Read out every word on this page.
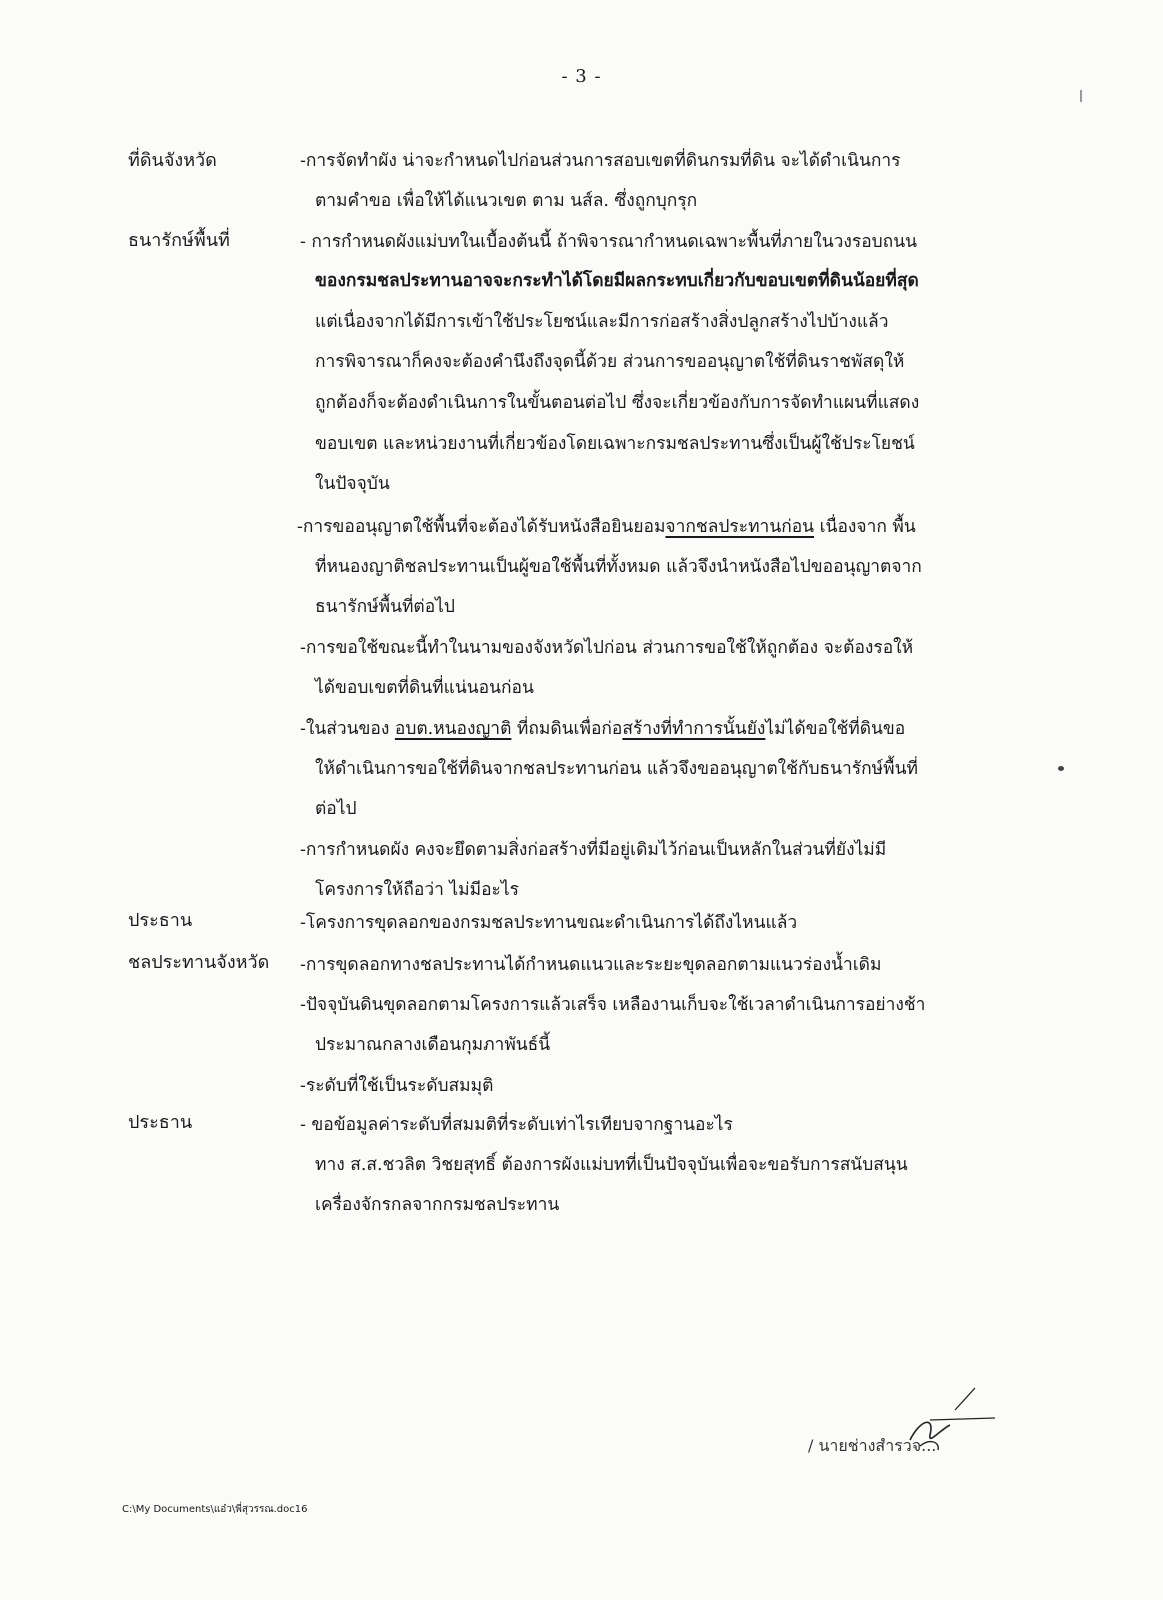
- 3 -
ที่ดินจังหวัด
ธนารักษ์พื้นที่
ประธาน
ชลประทานจังหวัด
ประธาน
-การจัดทำผัง น่าจะกำหนดไปก่อนส่วนการสอบเขตที่ดินกรมที่ดิน จะได้ดำเนินการ
ตามคำขอ เพื่อให้ได้แนวเขต ตาม นส์ล. ซึ่งถูกบุกรุก
- การกำหนดผังแม่บทในเบื้องต้นนี้ ถ้าพิจารณากำหนดเฉพาะพื้นที่ภายในวงรอบถนน
ของกรมชลประทานอาจจะกระทำได้โดยมีผลกระทบเกี่ยวกับขอบเขตที่ดินน้อยที่สุด
แต่เนื่องจากได้มีการเข้าใช้ประโยชน์และมีการก่อสร้างสิ่งปลูกสร้างไปบ้างแล้ว
การพิจารณาก็คงจะต้องคำนึงถึงจุดนี้ด้วย ส่วนการขออนุญาตใช้ที่ดินราชพัสดุให้
ถูกต้องก็จะต้องดำเนินการในขั้นตอนต่อไป ซึ่งจะเกี่ยวข้องกับการจัดทำแผนที่แสดง
ขอบเขต และหน่วยงานที่เกี่ยวข้องโดยเฉพาะกรมชลประทานซึ่งเป็นผู้ใช้ประโยชน์
ในปัจจุบัน
-การขออนุญาตใช้พื้นที่จะต้องได้รับหนังสือยินยอมจากชลประทานก่อน เนื่องจาก พื้น
ที่หนองญาติชลประทานเป็นผู้ขอใช้พื้นที่ทั้งหมด แล้วจึงนำหนังสือไปขออนุญาตจาก
ธนารักษ์พื้นที่ต่อไป
-การขอใช้ขณะนี้ทำในนามของจังหวัดไปก่อน ส่วนการขอใช้ให้ถูกต้อง จะต้องรอให้
ได้ขอบเขตที่ดินที่แน่นอนก่อน
-ในส่วนของ อบต.หนองญาติ ที่ถมดินเพื่อก่อสร้างที่ทำการนั้นยังไม่ได้ขอใช้ที่ดินขอ
ให้ดำเนินการขอใช้ที่ดินจากชลประทานก่อน แล้วจึงขออนุญาตใช้กับธนารักษ์พื้นที่
ต่อไป
-การกำหนดผัง คงจะยึดตามสิ่งก่อสร้างที่มีอยู่เดิมไว้ก่อนเป็นหลักในส่วนที่ยังไม่มี
โครงการให้ถือว่า ไม่มีอะไร
-โครงการขุดลอกของกรมชลประทานขณะดำเนินการได้ถึงไหนแล้ว
-การขุดลอกทางชลประทานได้กำหนดแนวและระยะขุดลอกตามแนวร่องน้ำเดิม
-ปัจจุบันดินขุดลอกตามโครงการแล้วเสร็จ เหลืองานเก็บจะใช้เวลาดำเนินการอย่างช้า
ประมาณกลางเดือนกุมภาพันธ์นี้
-ระดับที่ใช้เป็นระดับสมมุติ
- ขอข้อมูลค่าระดับที่สมมติที่ระดับเท่าไรเทียบจากฐานอะไร
ทาง ส.ส.ชวลิต วิชยสุทธิ์ ต้องการผังแม่บทที่เป็นปัจจุบันเพื่อจะขอรับการสนับสนุน
เครื่องจักรกลจากกรมชลประทาน
/ นายช่างสำรวจ...
C:\My Documents\แอ๋ว\พี่สุวรรณ.doc16
